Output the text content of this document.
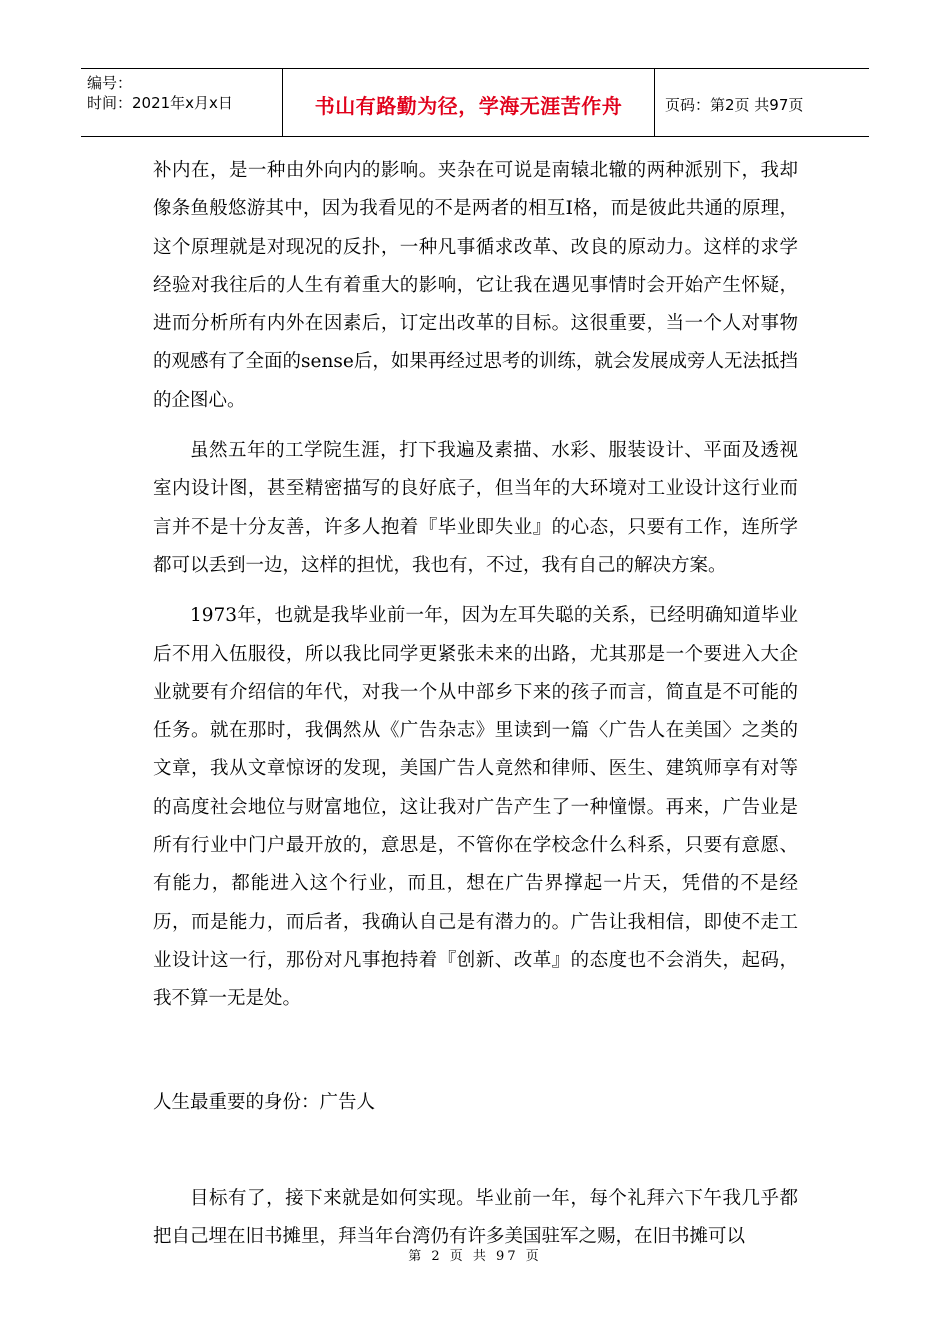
编号：
时间：2021年x月x日	书山有路勤为径，学海无涯苦作舟	页码：第2页 共97页

补内在，是一种由外向内的影响。夹杂在可说是南辕北辙的两种派别下，我却像条鱼般悠游其中，因为我看见的不是两者的相互I格，而是彼此共通的原理，这个原理就是对现况的反扑，一种凡事循求改革、改良的原动力。这样的求学经验对我往后的人生有着重大的影响，它让我在遇见事情时会开始产生怀疑，进而分析所有内外在因素后，订定出改革的目标。这很重要，当一个人对事物的观感有了全面的sense后，如果再经过思考的训练，就会发展成旁人无法抵挡的企图心。

虽然五年的工学院生涯，打下我遍及素描、水彩、服装设计、平面及透视室内设计图，甚至精密描写的良好底子，但当年的大环境对工业设计这行业而言并不是十分友善，许多人抱着『毕业即失业』的心态，只要有工作，连所学都可以丢到一边，这样的担忧，我也有，不过，我有自己的解决方案。

1973年，也就是我毕业前一年，因为左耳失聪的关系，已经明确知道毕业后不用入伍服役，所以我比同学更紧张未来的出路，尤其那是一个要进入大企业就要有介绍信的年代，对我一个从中部乡下来的孩子而言，简直是不可能的任务。就在那时，我偶然从《广告杂志》里读到一篇〈广告人在美国〉之类的文章，我从文章惊讶的发现，美国广告人竟然和律师、医生、建筑师享有对等的高度社会地位与财富地位，这让我对广告产生了一种憧憬。再来，广告业是所有行业中门户最开放的，意思是，不管你在学校念什么科系，只要有意愿、有能力，都能进入这个行业，而且，想在广告界撑起一片天，凭借的不是经历，而是能力，而后者，我确认自己是有潜力的。广告让我相信，即使不走工业设计这一行，那份对凡事抱持着『创新、改革』的态度也不会消失，起码，我不算一无是处。

人生最重要的身份：广告人

目标有了，接下来就是如何实现。毕业前一年，每个礼拜六下午我几乎都把自己埋在旧书摊里，拜当年台湾仍有许多美国驻军之赐，在旧书摊可以

第 2 页 共 97 页
